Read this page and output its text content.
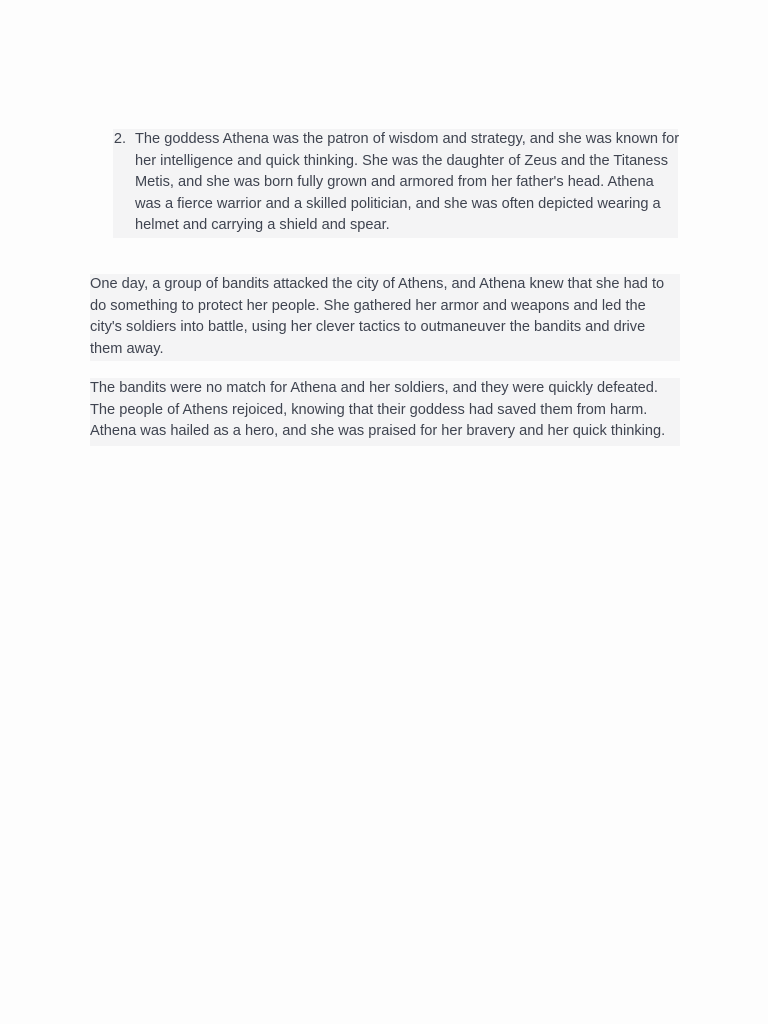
2. The goddess Athena was the patron of wisdom and strategy, and she was known for her intelligence and quick thinking. She was the daughter of Zeus and the Titaness Metis, and she was born fully grown and armored from her father's head. Athena was a fierce warrior and a skilled politician, and she was often depicted wearing a helmet and carrying a shield and spear.

One day, a group of bandits attacked the city of Athens, and Athena knew that she had to do something to protect her people. She gathered her armor and weapons and led the city's soldiers into battle, using her clever tactics to outmaneuver the bandits and drive them away.

The bandits were no match for Athena and her soldiers, and they were quickly defeated. The people of Athens rejoiced, knowing that their goddess had saved them from harm. Athena was hailed as a hero, and she was praised for her bravery and her quick thinking.
